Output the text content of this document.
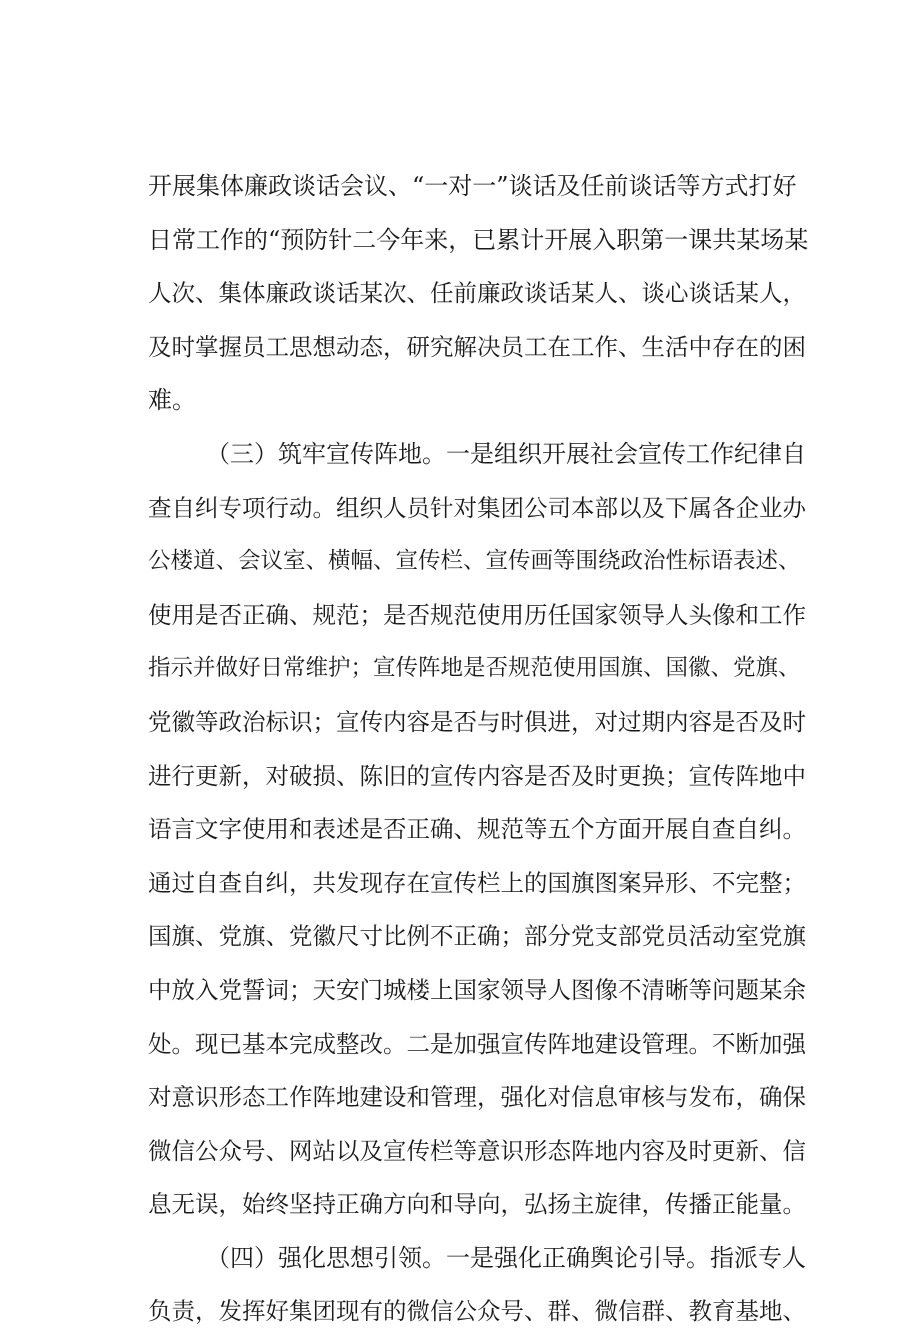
开展集体廉政谈话会议、“一对一”谈话及任前谈话等方式打好
日常工作的“预防针二今年来，已累计开展入职第一课共某场某
人次、集体廉政谈话某次、任前廉政谈话某人、谈心谈话某人，
及时掌握员工思想动态，研究解决员工在工作、生活中存在的困
难。
（三）筑牢宣传阵地。一是组织开展社会宣传工作纪律自
查自纠专项行动。组织人员针对集团公司本部以及下属各企业办
公楼道、会议室、横幅、宣传栏、宣传画等围绕政治性标语表述、
使用是否正确、规范；是否规范使用历任国家领导人头像和工作
指示并做好日常维护；宣传阵地是否规范使用国旗、国徽、党旗、
党徽等政治标识；宣传内容是否与时俱进，对过期内容是否及时
进行更新，对破损、陈旧的宣传内容是否及时更换；宣传阵地中
语言文字使用和表述是否正确、规范等五个方面开展自查自纠。
通过自查自纠，共发现存在宣传栏上的国旗图案异形、不完整；
国旗、党旗、党徽尺寸比例不正确；部分党支部党员活动室党旗
中放入党誓词；天安门城楼上国家领导人图像不清晰等问题某余
处。现已基本完成整改。二是加强宣传阵地建设管理。不断加强
对意识形态工作阵地建设和管理，强化对信息审核与发布，确保
微信公众号、网站以及宣传栏等意识形态阵地内容及时更新、信
息无误，始终坚持正确方向和导向，弘扬主旋律，传播正能量。
（四）强化思想引领。一是强化正确舆论引导。指派专人
负责，发挥好集团现有的微信公众号、群、微信群、教育基地、
